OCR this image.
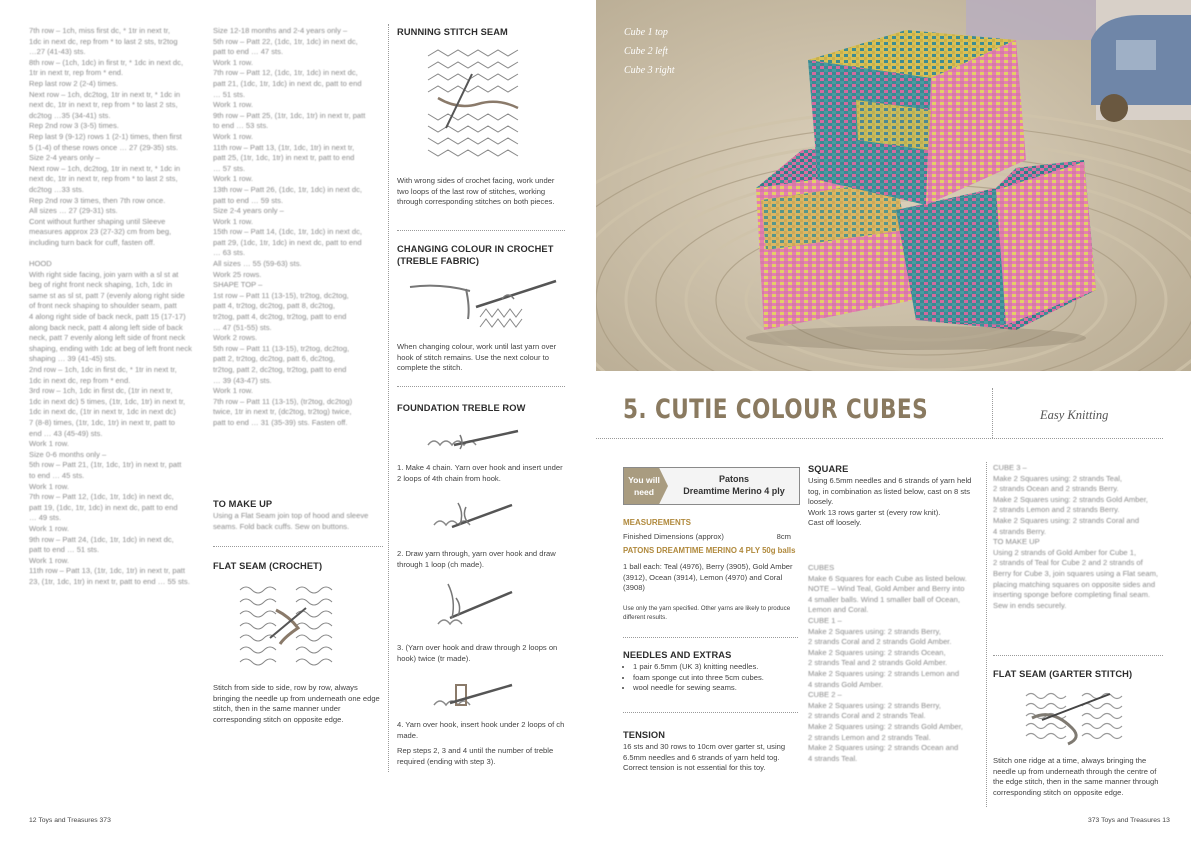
7th row – 1ch, miss first dc, * 1tr in next tr,
1dc in next dc, rep from * to last 2 sts, tr2tog
…27 (41-43) sts.
8th row – (1ch, 1dc) in first tr, * 1dc in next dc,
1tr in next tr, rep from * end.
Rep last row 2 (2-4) times.
Next row – 1ch, dc2tog, 1tr in next tr, * 1dc in
next dc, 1tr in next tr, rep from * to last 2 sts,
dc2tog …35 (34-41) sts.
Rep 2nd row 3 (3-5) times.
Rep last 9 (9-12) rows 1 (2-1) times, then first
5 (1-4) of these rows once … 27 (29-35) sts.
Size 2-4 years only –
Next row – 1ch, dc2tog, 1tr in next tr, * 1dc in
next dc, 1tr in next tr, rep from * to last 2 sts,
dc2tog …33 sts.
Rep 2nd row 3 times, then 7th row once.
All sizes … 27 (29-31) sts.
Cont without further shaping until Sleeve
measures approx 23 (27-32) cm from beg,
including turn back for cuff, fasten off.

HOOD
With right side facing, join yarn with a sl st at
beg of right front neck shaping, 1ch, 1dc in
same st as sl st, patt 7 (evenly along right side
of front neck shaping to shoulder seam, patt
4 along right side of back neck, patt 15 (17-17)
along back neck, patt 4 along left side of back
neck, patt 7 evenly along left side of front neck
shaping, ending with 1dc at beg of left front neck
shaping … 39 (41-45) sts.
2nd row – 1ch, 1dc in first dc, * 1tr in next tr,
1dc in next dc, rep from * end.
3rd row – 1ch, 1dc in first dc, (1tr in next tr,
1dc in next dc) 5 times, (1tr, 1dc, 1tr) in next tr,
1dc in next dc, (1tr in next tr, 1dc in next dc)
7 (8-8) times, (1tr, 1dc, 1tr) in next tr, patt to
end … 43 (45-49) sts.
Work 1 row.
Size 0-6 months only –
5th row – Patt 21, (1tr, 1dc, 1tr) in next tr, patt
to end … 45 sts.
Work 1 row.
7th row – Patt 12, (1dc, 1tr, 1dc) in next dc,
patt 19, (1dc, 1tr, 1dc) in next dc, patt to end
… 49 sts.
Work 1 row.
9th row – Patt 24, (1dc, 1tr, 1dc) in next dc,
patt to end … 51 sts.
Work 1 row.
11th row – Patt 13, (1tr, 1dc, 1tr) in next tr, patt
23, (1tr, 1dc, 1tr) in next tr, patt to end … 55 sts.
Size 12-18 months and 2-4 years only –
5th row – Patt 22, (1dc, 1tr, 1dc) in next dc,
patt to end … 47 sts.
Work 1 row.
7th row – Patt 12, (1dc, 1tr, 1dc) in next dc,
patt 21, (1dc, 1tr, 1dc) in next dc, patt to end
… 51 sts.
Work 1 row.
9th row – Patt 25, (1tr, 1dc, 1tr) in next tr, patt
to end … 53 sts.
Work 1 row.
11th row – Patt 13, (1tr, 1dc, 1tr) in next tr,
patt 25, (1tr, 1dc, 1tr) in next tr, patt to end
… 57 sts.
Work 1 row.
13th row – Patt 26, (1dc, 1tr, 1dc) in next dc,
patt to end … 59 sts.
Size 2-4 years only –
Work 1 row.
15th row – Patt 14, (1dc, 1tr, 1dc) in next dc,
patt 29, (1dc, 1tr, 1dc) in next dc, patt to end
… 63 sts.
All sizes … 55 (59-63) sts.
Work 25 rows.
SHAPE TOP –
1st row – Patt 11 (13-15), tr2tog, dc2tog,
patt 4, tr2tog, dc2tog, patt 8, dc2tog,
tr2tog, patt 4, dc2tog, tr2tog, patt to end
… 47 (51-55) sts.
Work 2 rows.
5th row – Patt 11 (13-15), tr2tog, dc2tog,
patt 2, tr2tog, dc2tog, patt 6, dc2tog,
tr2tog, patt 2, dc2tog, tr2tog, patt to end
… 39 (43-47) sts.
Work 1 row.
7th row – Patt 11 (13-15), (tr2tog, dc2tog)
twice, 1tr in next tr, (dc2tog, tr2tog) twice,
patt to end … 31 (35-39) sts. Fasten off.
TO MAKE UP
Using a Flat Seam join top of hood and sleeve
seams. Fold back cuffs. Sew on buttons.
FLAT SEAM (CROCHET)
Stitch from side to side, row by row, always bringing the needle up from underneath one edge stitch, then in the same manner under corresponding stitch on opposite edge.
RUNNING STITCH SEAM
With wrong sides of crochet facing, work under two loops of the last row of stitches, working through corresponding stitches on both pieces.
CHANGING COLOUR IN CROCHET
(TREBLE FABRIC)
When changing colour, work until last yarn over hook of stitch remains. Use the next colour to complete the stitch.
FOUNDATION TREBLE ROW
1. Make 4 chain. Yarn over hook and insert under 2 loops of 4th chain from hook.
2. Draw yarn through, yarn over hook and draw through 1 loop (ch made).
3. (Yarn over hook and draw through 2 loops on hook) twice (tr made).
4. Yarn over hook, insert hook under 2 loops of ch made.
Rep steps 2, 3 and 4 until the number of treble required (ending with step 3).
12 Toys and Treasures 373
Cube 1 top
Cube 2 left
Cube 3 right
5. CUTIE COLOUR CUBES	Easy Knitting
You will need
Patons
Dreamtime Merino 4 ply
MEASUREMENTS
Finished Dimensions (approx)	8cm
PATONS DREAMTIME MERINO 4 PLY 50g balls
1 ball each: Teal (4976), Berry (3905), Gold Amber (3912), Ocean (3914), Lemon (4970) and Coral (3908)
Use only the yarn specified. Other yarns are likely to produce different results.
NEEDLES AND EXTRAS
• 1 pair 6.5mm (UK 3) knitting needles.
• foam sponge cut into three 5cm cubes.
• wool needle for sewing seams.
TENSION
16 sts and 30 rows to 10cm over garter st, using 6.5mm needles and 6 strands of yarn held tog. Correct tension is not essential for this toy.
SQUARE
Using 6.5mm needles and 6 strands of yarn held tog, in combination as listed below, cast on 8 sts loosely.
Work 13 rows garter st (every row knit).
Cast off loosely.
CUBES
Make 6 Squares for each Cube as listed below.
NOTE – Wind Teal, Gold Amber and Berry into
4 smaller balls. Wind 1 smaller ball of Ocean,
Lemon and Coral.
CUBE 1 –
Make 2 Squares using: 2 strands Berry,
2 strands Coral and 2 strands Gold Amber.
Make 2 Squares using: 2 strands Ocean,
2 strands Teal and 2 strands Gold Amber.
Make 2 Squares using: 2 strands Lemon and
4 strands Gold Amber.
CUBE 2 –
Make 2 Squares using: 2 strands Berry,
2 strands Coral and 2 strands Teal.
Make 2 Squares using: 2 strands Gold Amber,
2 strands Lemon and 2 strands Teal.
Make 2 Squares using: 2 strands Ocean and
4 strands Teal.
CUBE 3 –
Make 2 Squares using: 2 strands Teal,
2 strands Ocean and 2 strands Berry.
Make 2 Squares using: 2 strands Gold Amber,
2 strands Lemon and 2 strands Berry.
Make 2 Squares using: 2 strands Coral and
4 strands Berry.
TO MAKE UP
Using 2 strands of Gold Amber for Cube 1,
2 strands of Teal for Cube 2 and 2 strands of
Berry for Cube 3, join squares using a Flat seam,
placing matching squares on opposite sides and
inserting sponge before completing final seam.
Sew in ends securely.
FLAT SEAM (GARTER STITCH)
Stitch one ridge at a time, always bringing the needle up from underneath through the centre of the edge stitch, then in the same manner through corresponding stitch on opposite edge.
373 Toys and Treasures 13
